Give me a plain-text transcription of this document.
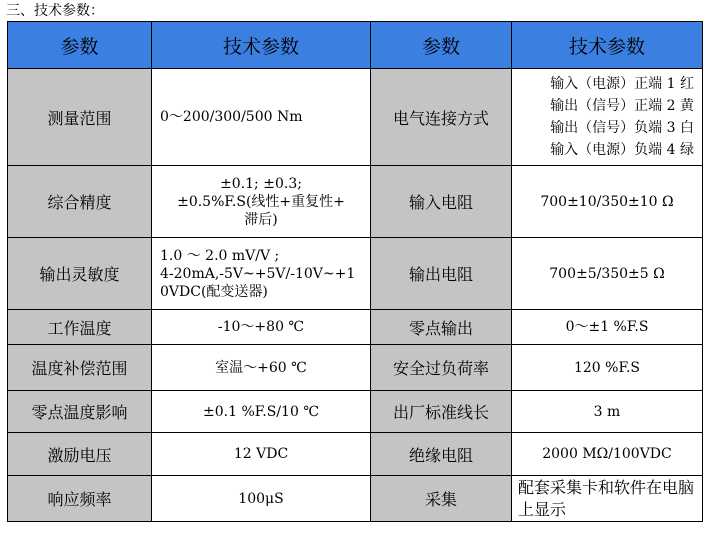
三、技术参数：
参数	技术参数	参数	技术参数
测量范围	0～200/300/500 Nm	电气连接方式	输入（电源）正端 1 红
输出（信号）正端 2 黄
输出（信号）负端 3 白
输入（电源）负端 4 绿

综合精度	±0.1; ±0.3;
±0.5%F.S(线性+重复性+
滞后)	输入电阻	700±10/350±10 Ω
输出灵敏度	1.0 ～ 2.0 mV/V ;
4-20mA,-5V~+5V/-10V~+1
0VDC(配变送器)	输出电阻	700±5/350±5 Ω
工作温度	-10～+80 ℃	零点输出	0～±1 %F.S
温度补偿范围	室温～+60 ℃	安全过负荷率	120 %F.S
零点温度影响	±0.1 %F.S/10 ℃	出厂标准线长	3 m
激励电压	12 VDC	绝缘电阻	2000 MΩ/100VDC
响应频率	100μS	采集	配套采集卡和软件在电脑上显示
